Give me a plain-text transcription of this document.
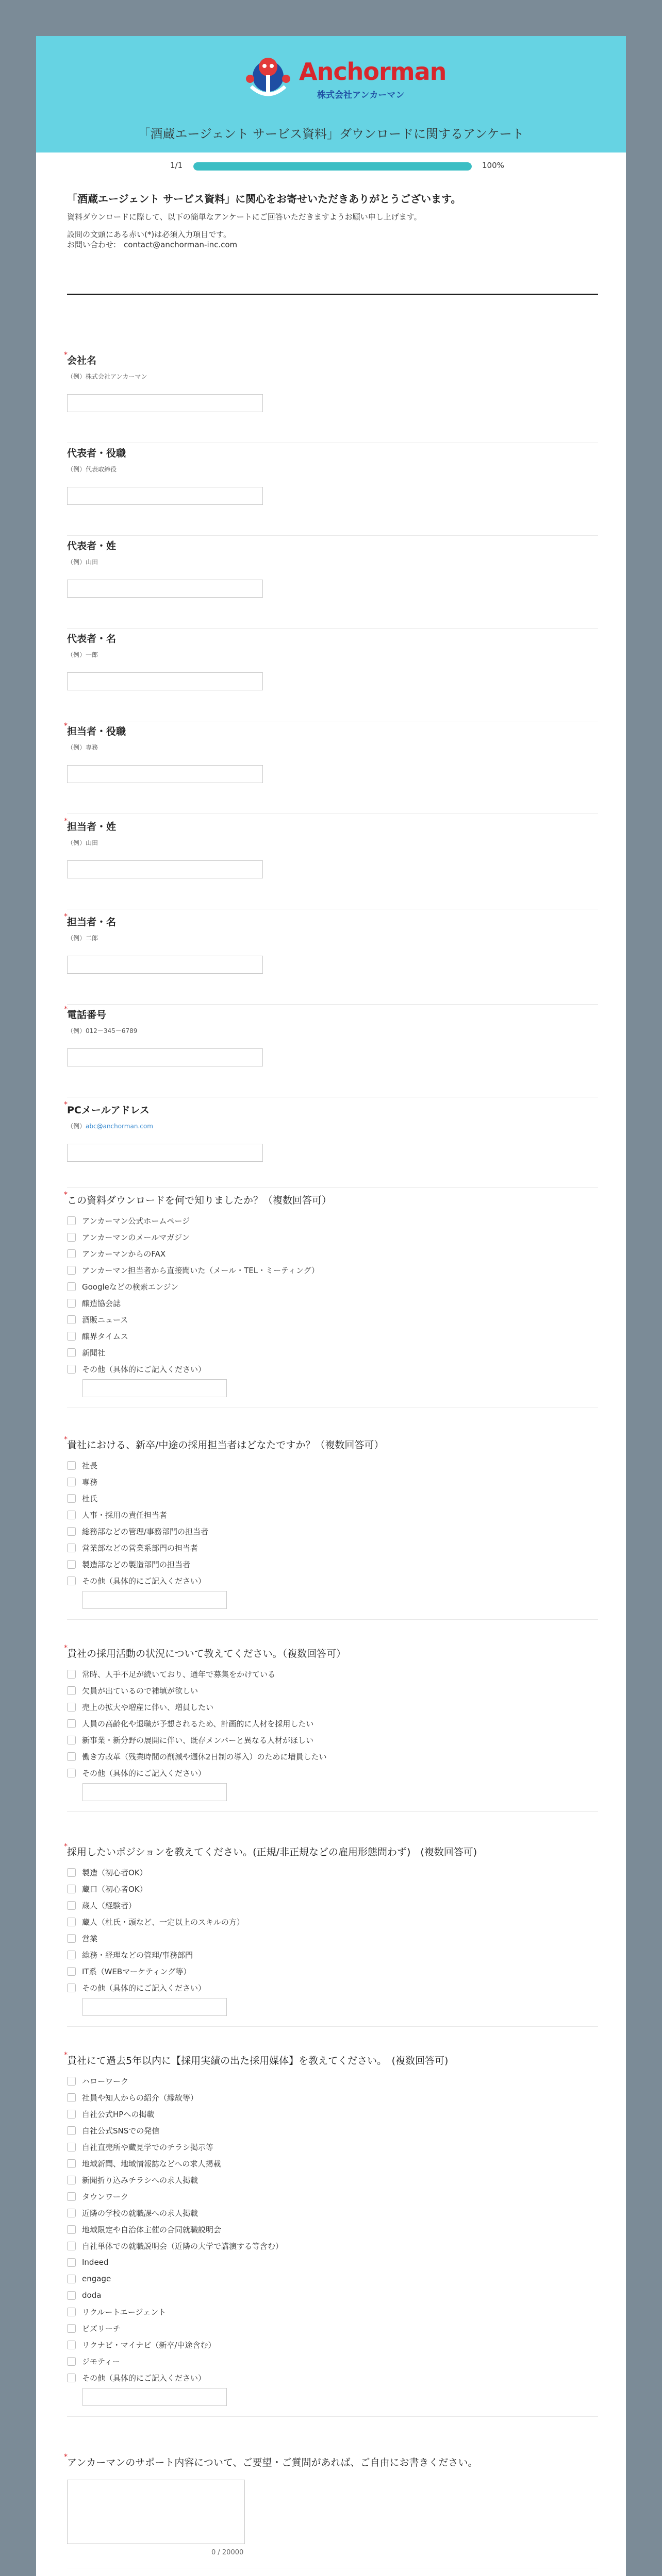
Anchorman
株式会社アンカーマン
「酒蔵エージェント サービス資料」ダウンロードに関するアンケート
1/1	100%
「酒蔵エージェント サービス資料」に関心をお寄せいただきありがとうございます。
資料ダウンロードに際して、以下の簡単なアンケートにご回答いただきますようお願い申し上げます。
設問の文頭にある赤い(*)は必須入力項目です。
お問い合わせ:　contact@anchorman-inc.com
* 会社名
（例）株式会社アンカーマン
代表者・役職
（例）代表取締役
代表者・姓
（例）山田
代表者・名
（例）一郎
* 担当者・役職
（例）専務
* 担当者・姓
（例）山田
* 担当者・名
（例）二郎
* 電話番号
（例）012－345－6789
* PCメールアドレス
（例）abc@anchorman.com
* この資料ダウンロードを何で知りましたか？（複数回答可）
アンカーマン公式ホームページ
アンカーマンのメールマガジン
アンカーマンからのFAX
アンカーマン担当者から直接聞いた（メール・TEL・ミーティング）
Googleなどの検索エンジン
醸造協会誌
酒販ニュース
醸界タイムス
新聞社
その他（具体的にご記入ください）
* 貴社における、新卒/中途の採用担当者はどなたですか？（複数回答可）
社長
専務
杜氏
人事・採用の責任担当者
総務部などの管理/事務部門の担当者
営業部などの営業系部門の担当者
製造部などの製造部門の担当者
その他（具体的にご記入ください）
* 貴社の採用活動の状況について教えてください。（複数回答可）
常時、人手不足が続いており、通年で募集をかけている
欠員が出ているので補填が欲しい
売上の拡大や増産に伴い、増員したい
人員の高齢化や退職が予想されるため、計画的に人材を採用したい
新事業・新分野の展開に伴い、既存メンバーと異なる人材がほしい
働き方改革（残業時間の削減や週休2日制の導入）のために増員したい
その他（具体的にご記入ください）
* 採用したいポジションを教えてください。(正規/非正規などの雇用形態問わず)　(複数回答可)
製造（初心者OK）
蔵口（初心者OK）
蔵人（経験者）
蔵人（杜氏・頭など、一定以上のスキルの方）
営業
総務・経理などの管理/事務部門
IT系（WEBマーケティング等）
その他（具体的にご記入ください）
* 貴社にて過去5年以内に【採用実績の出た採用媒体】を教えてください。　(複数回答可)
ハローワーク
社員や知人からの紹介（縁故等）
自社公式HPへの掲載
自社公式SNSでの発信
自社直売所や蔵見学でのチラシ掲示等
地域新聞、地域情報誌などへの求人掲載
新聞折り込みチラシへの求人掲載
タウンワーク
近隣の学校の就職課への求人掲載
地域限定や自治体主催の合同就職説明会
自社単体での就職説明会（近隣の大学で講演する等含む）
Indeed
engage
doda
リクルートエージェント
ビズリーチ
リクナビ・マイナビ（新卒/中途含む）
ジモティー
その他（具体的にご記入ください）
* アンカーマンのサポート内容について、ご要望・ご質問があれば、ご自由にお書きください。
0 / 20000
